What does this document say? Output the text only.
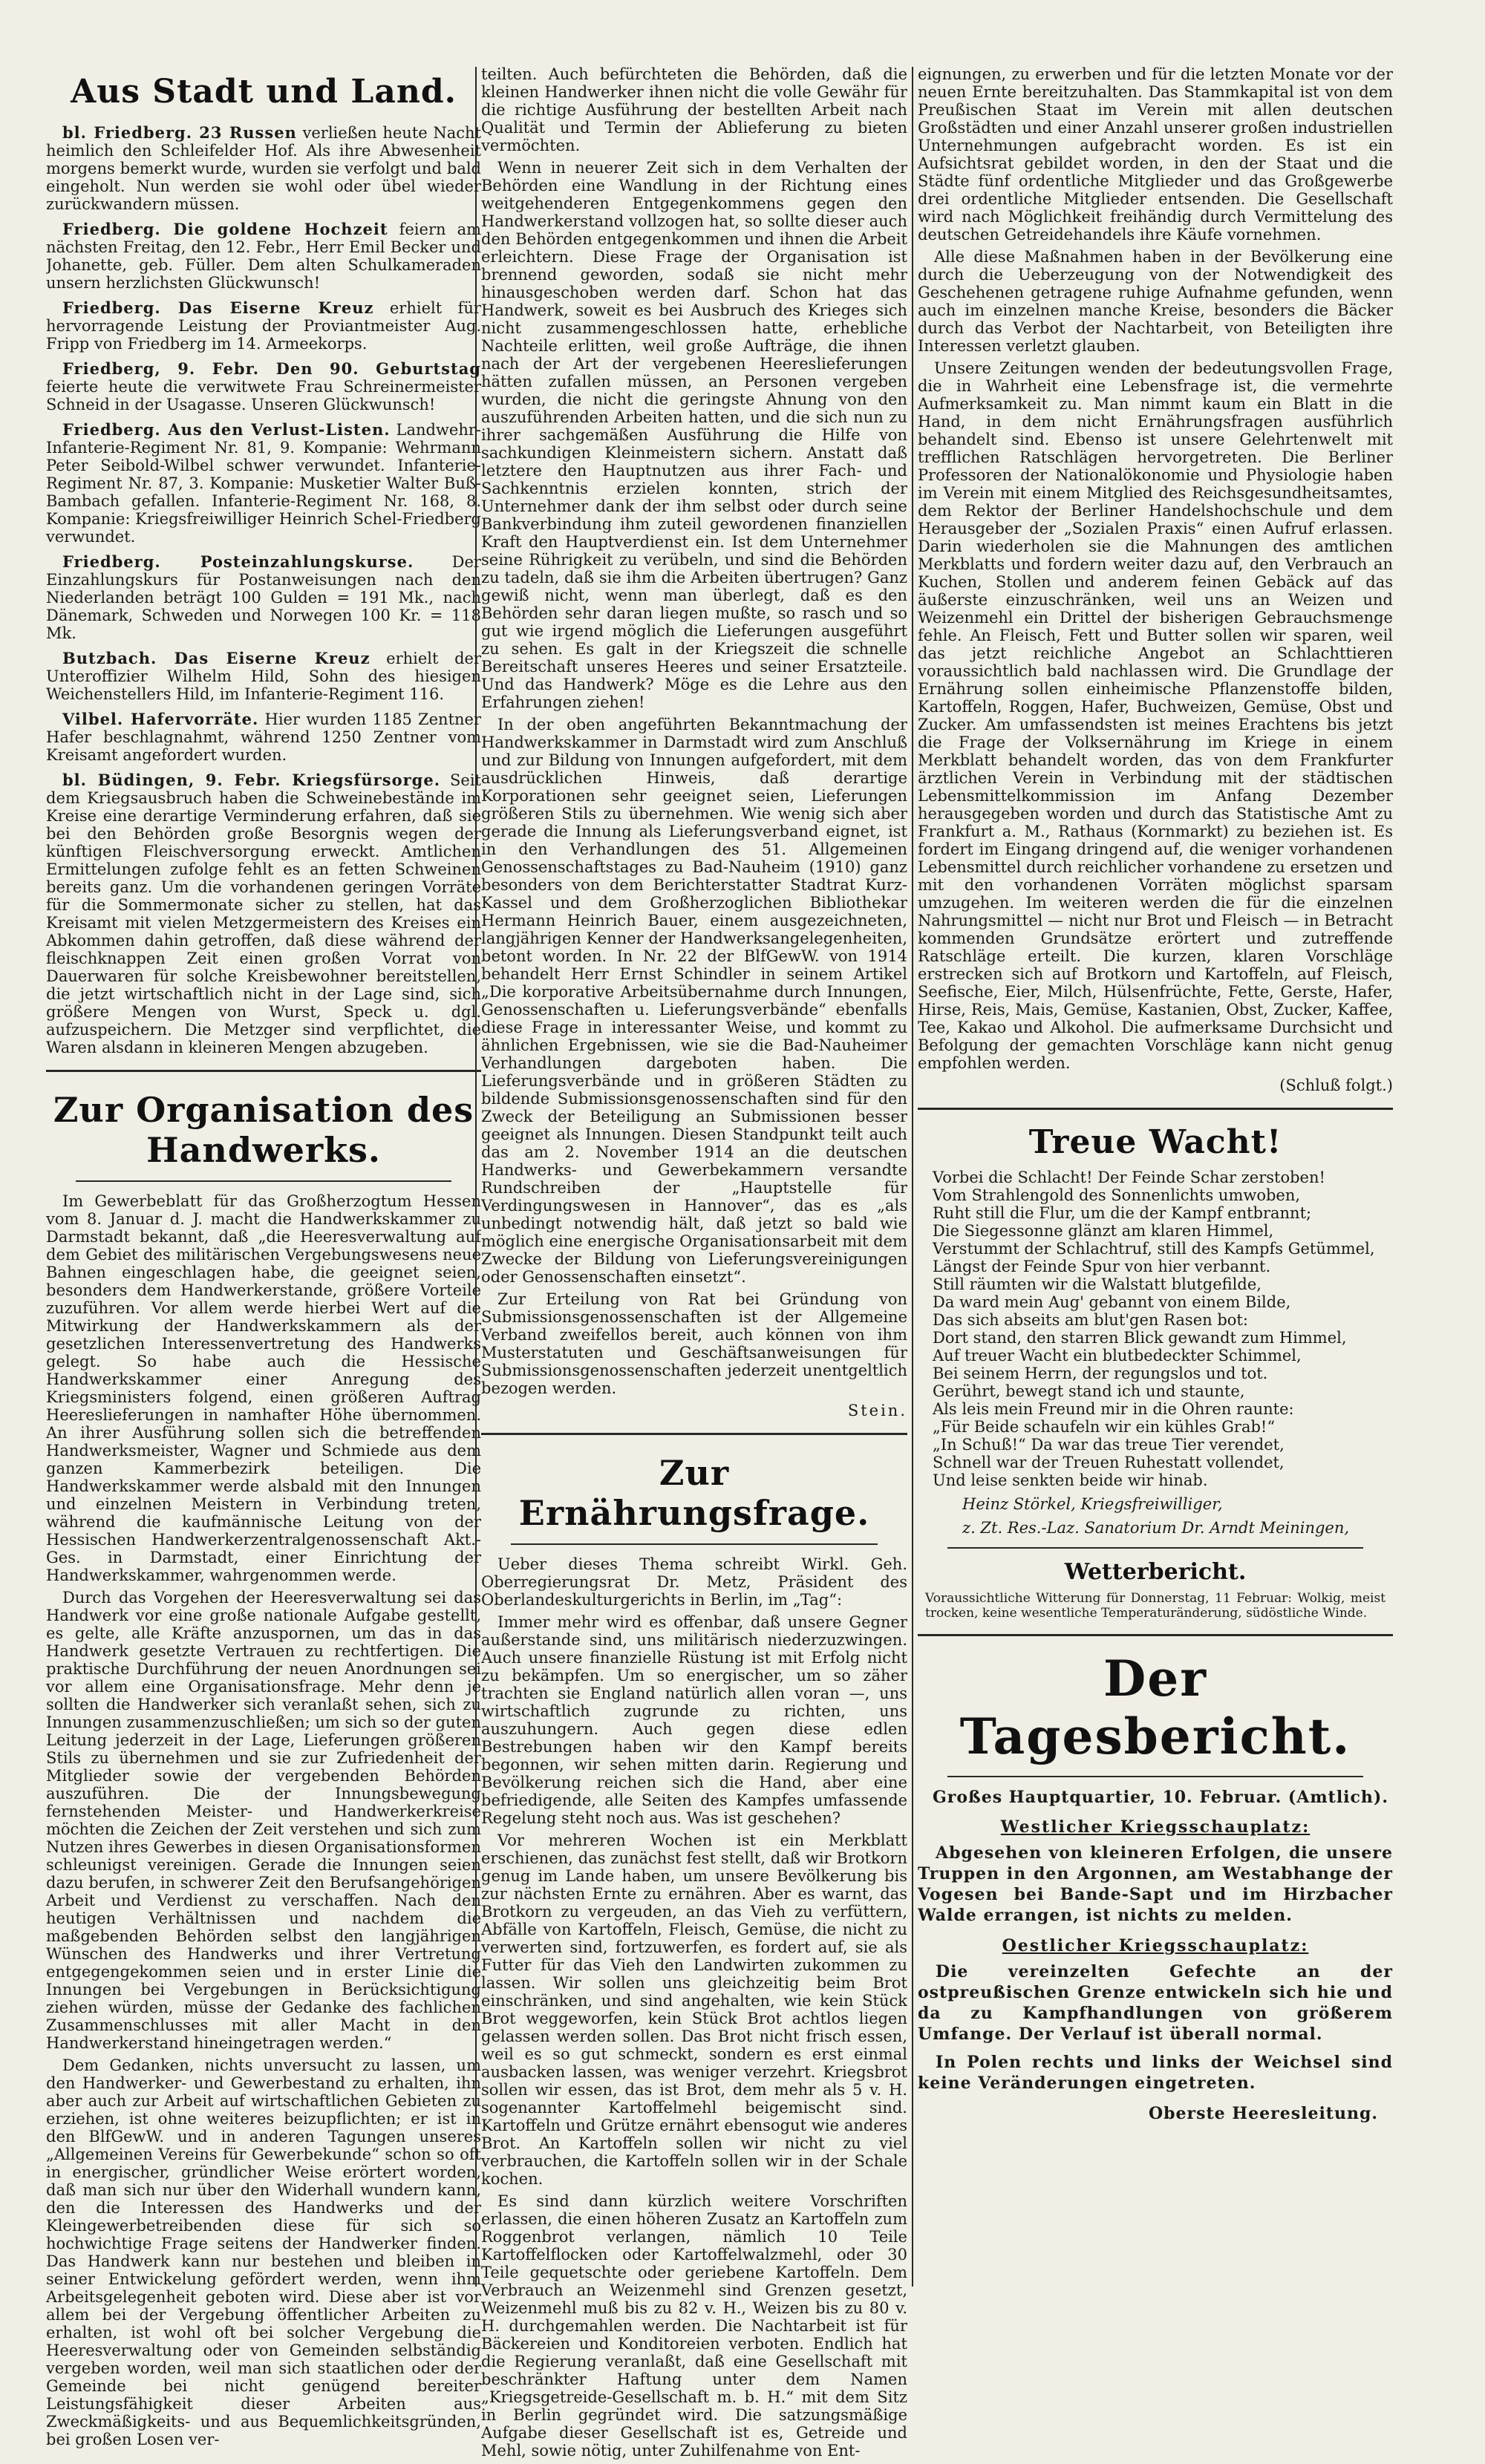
Aus Stadt und Land.

bl. Friedberg. 23 Russen verließen heute Nacht heimlich den Schleifelder Hof. Als ihre Abwesenheit morgens bemerkt wurde, wurden sie verfolgt und bald eingeholt. Nun werden sie wohl oder übel wieder zurückwandern müssen.

Friedberg. Die goldene Hochzeit feiern am nächsten Freitag, den 12. Febr., Herr Emil Becker und Johanette, geb. Füller. Dem alten Schulkameraden unsern herzlichsten Glückwunsch!

Friedberg. Das Eiserne Kreuz erhielt für hervorragende Leistung der Proviantmeister Aug. Fripp von Friedberg im 14. Armeekorps.

Friedberg, 9. Febr. Den 90. Geburtstag feierte heute die verwitwete Frau Schreinermeister Schneid in der Usagasse. Unseren Glückwunsch!

Friedberg. Aus den Verlust-Listen. Landwehr-Infanterie-Regiment Nr. 81, 9. Kompanie: Wehrmann Peter Seibold-Wilbel schwer verwundet. Infanterie-Regiment Nr. 87, 3. Kompanie: Musketier Walter Buß-Bambach gefallen. Infanterie-Regiment Nr. 168, 8. Kompanie: Kriegsfreiwilliger Heinrich Schel-Friedberg verwundet.

Friedberg. Posteinzahlungskurse. Der Einzahlungskurs für Postanweisungen nach den Niederlanden beträgt 100 Gulden = 191 Mk., nach Dänemark, Schweden und Norwegen 100 Kr. = 118 Mk.

Butzbach. Das Eiserne Kreuz erhielt der Unteroffizier Wilhelm Hild, Sohn des hiesigen Weichenstellers Hild, im Infanterie-Regiment 116.

Vilbel. Hafervorräte. Hier wurden 1185 Zentner Hafer beschlagnahmt, während 1250 Zentner vom Kreisamt angefordert wurden.

bl. Büdingen, 9. Febr. Kriegsfürsorge. Seit dem Kriegsausbruch haben die Schweinebestände im Kreise eine derartige Verminderung erfahren, daß sie bei den Behörden große Besorgnis wegen der künftigen Fleischversorgung erweckt. Amtlichen Ermittelungen zufolge fehlt es an fetten Schweinen bereits ganz. Um die vorhandenen geringen Vorräte für die Sommermonate sicher zu stellen, hat das Kreisamt mit vielen Metzgermeistern des Kreises ein Abkommen dahin getroffen, daß diese während der fleischknappen Zeit einen großen Vorrat von Dauerwaren für solche Kreisbewohner bereitstellen, die jetzt wirtschaftlich nicht in der Lage sind, sich größere Mengen von Wurst, Speck u. dgl. aufzuspeichern. Die Metzger sind verpflichtet, die Waren alsdann in kleineren Mengen abzugeben.

Zur Organisation des Handwerks.

Im Gewerbeblatt für das Großherzogtum Hessen vom 8. Januar d. J. macht die Handwerkskammer zu Darmstadt bekannt, daß „die Heeresverwaltung auf dem Gebiet des militärischen Vergebungswesens neue Bahnen eingeschlagen habe, die geeignet seien, besonders dem Handwerkerstande, größere Vorteile zuzuführen. Vor allem werde hierbei Wert auf die Mitwirkung der Handwerkskammern als der gesetzlichen Interessenvertretung des Handwerks gelegt. So habe auch die Hessische Handwerkskammer einer Anregung des Kriegsministers folgend, einen größeren Auftrag Heereslieferungen in namhafter Höhe übernommen. An ihrer Ausführung sollen sich die betreffenden Handwerksmeister, Wagner und Schmiede aus dem ganzen Kammerbezirk beteiligen. Die Handwerkskammer werde alsbald mit den Innungen und einzelnen Meistern in Verbindung treten, während die kaufmännische Leitung von der Hessischen Handwerkerzentralgenossenschaft Akt.-Ges. in Darmstadt, einer Einrichtung der Handwerkskammer, wahrgenommen werde.

Durch das Vorgehen der Heeresverwaltung sei das Handwerk vor eine große nationale Aufgabe gestellt, es gelte, alle Kräfte anzuspornen, um das in das Handwerk gesetzte Vertrauen zu rechtfertigen. Die praktische Durchführung der neuen Anordnungen sei vor allem eine Organisationsfrage. Mehr denn je sollten die Handwerker sich veranlaßt sehen, sich zu Innungen zusammenzuschließen; um sich so der guten Leitung jederzeit in der Lage, Lieferungen größeren Stils zu übernehmen und sie zur Zufriedenheit der Mitglieder sowie der vergebenden Behörden auszuführen. Die der Innungsbewegung fernstehenden Meister- und Handwerkerkreise möchten die Zeichen der Zeit verstehen und sich zum Nutzen ihres Gewerbes in diesen Organisationsformen schleunigst vereinigen. Gerade die Innungen seien dazu berufen, in schwerer Zeit den Berufsangehörigen Arbeit und Verdienst zu verschaffen. Nach den heutigen Verhältnissen und nachdem die maßgebenden Behörden selbst den langjährigen Wünschen des Handwerks und ihrer Vertretung entgegengekommen seien und in erster Linie die Innungen bei Vergebungen in Berücksichtigung ziehen würden, müsse der Gedanke des fachlichen Zusammenschlusses mit aller Macht in den Handwerkerstand hineingetragen werden.“

Dem Gedanken, nichts unversucht zu lassen, um den Handwerker- und Gewerbestand zu erhalten, ihn aber auch zur Arbeit auf wirtschaftlichen Gebieten zu erziehen, ist ohne weiteres beizupflichten; er ist in den BlfGewW. und in anderen Tagungen unseres „Allgemeinen Vereins für Gewerbekunde“ schon so oft in energischer, gründlicher Weise erörtert worden, daß man sich nur über den Widerhall wundern kann, den die Interessen des Handwerks und der Kleingewerbetreibenden diese für sich so hochwichtige Frage seitens der Handwerker finden. Das Handwerk kann nur bestehen und bleiben in seiner Entwickelung gefördert werden, wenn ihm Arbeitsgelegenheit geboten wird. Diese aber ist vor allem bei der Vergebung öffentlicher Arbeiten zu erhalten, ist wohl oft bei solcher Vergebung die Heeresverwaltung oder von Gemeinden selbständig vergeben worden, weil man sich staatlichen oder der Gemeinde bei nicht genügend bereiter Leistungsfähigkeit dieser Arbeiten aus Zweckmäßigkeits- und aus Bequemlichkeitsgründen, bei großen Losen ver-

teilten. Auch befürchteten die Behörden, daß die kleinen Handwerker ihnen nicht die volle Gewähr für die richtige Ausführung der bestellten Arbeit nach Qualität und Termin der Ablieferung zu bieten vermöchten.

Wenn in neuerer Zeit sich in dem Verhalten der Behörden eine Wandlung in der Richtung eines weitgehenderen Entgegenkommens gegen den Handwerkerstand vollzogen hat, so sollte dieser auch den Behörden entgegenkommen und ihnen die Arbeit erleichtern. Diese Frage der Organisation ist brennend geworden, sodaß sie nicht mehr hinausgeschoben werden darf. Schon hat das Handwerk, soweit es bei Ausbruch des Krieges sich nicht zusammengeschlossen hatte, erhebliche Nachteile erlitten, weil große Aufträge, die ihnen nach der Art der vergebenen Heereslieferungen hätten zufallen müssen, an Personen vergeben wurden, die nicht die geringste Ahnung von den auszuführenden Arbeiten hatten, und die sich nun zu ihrer sachgemäßen Ausführung die Hilfe von sachkundigen Kleinmeistern sichern. Anstatt daß letztere den Hauptnutzen aus ihrer Fach- und Sachkenntnis erzielen konnten, strich der Unternehmer dank der ihm selbst oder durch seine Bankverbindung ihm zuteil gewordenen finanziellen Kraft den Hauptverdienst ein. Ist dem Unternehmer seine Rührigkeit zu verübeln, und sind die Behörden zu tadeln, daß sie ihm die Arbeiten übertrugen? Ganz gewiß nicht, wenn man überlegt, daß es den Behörden sehr daran liegen mußte, so rasch und so gut wie irgend möglich die Lieferungen ausgeführt zu sehen. Es galt in der Kriegszeit die schnelle Bereitschaft unseres Heeres und seiner Ersatzteile. Und das Handwerk? Möge es die Lehre aus den Erfahrungen ziehen!

In der oben angeführten Bekanntmachung der Handwerkskammer in Darmstadt wird zum Anschluß und zur Bildung von Innungen aufgefordert, mit dem ausdrücklichen Hinweis, daß derartige Korporationen sehr geeignet seien, Lieferungen größeren Stils zu übernehmen. Wie wenig sich aber gerade die Innung als Lieferungsverband eignet, ist in den Verhandlungen des 51. Allgemeinen Genossenschaftstages zu Bad-Nauheim (1910) ganz besonders von dem Berichterstatter Stadtrat Kurz-Kassel und dem Großherzoglichen Bibliothekar Hermann Heinrich Bauer, einem ausgezeichneten, langjährigen Kenner der Handwerksangelegenheiten, betont worden. In Nr. 22 der BlfGewW. von 1914 behandelt Herr Ernst Schindler in seinem Artikel „Die korporative Arbeitsübernahme durch Innungen, Genossenschaften u. Lieferungsverbände“ ebenfalls diese Frage in interessanter Weise, und kommt zu ähnlichen Ergebnissen, wie sie die Bad-Nauheimer Verhandlungen dargeboten haben. Die Lieferungsverbände und in größeren Städten zu bildende Submissionsgenossenschaften sind für den Zweck der Beteiligung an Submissionen besser geeignet als Innungen. Diesen Standpunkt teilt auch das am 2. November 1914 an die deutschen Handwerks- und Gewerbekammern versandte Rundschreiben der „Hauptstelle für Verdingungswesen in Hannover“, das es „als unbedingt notwendig hält, daß jetzt so bald wie möglich eine energische Organisationsarbeit mit dem Zwecke der Bildung von Lieferungsvereinigungen oder Genossenschaften einsetzt“.

Zur Erteilung von Rat bei Gründung von Submissionsgenossenschaften ist der Allgemeine Verband zweifellos bereit, auch können von ihm Musterstatuten und Geschäftsanweisungen für Submissionsgenossenschaften jederzeit unentgeltlich bezogen werden.

Stein.

Zur Ernährungsfrage.

Ueber dieses Thema schreibt Wirkl. Geh. Oberregierungsrat Dr. Metz, Präsident des Oberlandeskulturgerichts in Berlin, im „Tag“:

Immer mehr wird es offenbar, daß unsere Gegner außerstande sind, uns militärisch niederzuzwingen. Auch unsere finanzielle Rüstung ist mit Erfolg nicht zu bekämpfen. Um so energischer, um so zäher trachten sie England natürlich allen voran —, uns wirtschaftlich zugrunde zu richten, uns auszuhungern. Auch gegen diese edlen Bestrebungen haben wir den Kampf bereits begonnen, wir sehen mitten darin. Regierung und Bevölkerung reichen sich die Hand, aber eine befriedigende, alle Seiten des Kampfes umfassende Regelung steht noch aus. Was ist geschehen?

Vor mehreren Wochen ist ein Merkblatt erschienen, das zunächst fest stellt, daß wir Brotkorn genug im Lande haben, um unsere Bevölkerung bis zur nächsten Ernte zu ernähren. Aber es warnt, das Brotkorn zu vergeuden, an das Vieh zu verfüttern, Abfälle von Kartoffeln, Fleisch, Gemüse, die nicht zu verwerten sind, fortzuwerfen, es fordert auf, sie als Futter für das Vieh den Landwirten zukommen zu lassen. Wir sollen uns gleichzeitig beim Brot einschränken, und sind angehalten, wie kein Stück Brot weggeworfen, kein Stück Brot achtlos liegen gelassen werden sollen. Das Brot nicht frisch essen, weil es so gut schmeckt, sondern es erst einmal ausbacken lassen, was weniger verzehrt. Kriegsbrot sollen wir essen, das ist Brot, dem mehr als 5 v. H. sogenannter Kartoffelmehl beigemischt sind. Kartoffeln und Grütze ernährt ebensogut wie anderes Brot. An Kartoffeln sollen wir nicht zu viel verbrauchen, die Kartoffeln sollen wir in der Schale kochen.

Es sind dann kürzlich weitere Vorschriften erlassen, die einen höheren Zusatz an Kartoffeln zum Roggenbrot verlangen, nämlich 10 Teile Kartoffelflocken oder Kartoffelwalzmehl, oder 30 Teile gequetschte oder geriebene Kartoffeln. Dem Verbrauch an Weizenmehl sind Grenzen gesetzt, Weizenmehl muß bis zu 82 v. H., Weizen bis zu 80 v. H. durchgemahlen werden. Die Nachtarbeit ist für Bäckereien und Konditoreien verboten. Endlich hat die Regierung veranlaßt, daß eine Gesellschaft mit beschränkter Haftung unter dem Namen „Kriegsgetreide-Gesellschaft m. b. H.“ mit dem Sitz in Berlin gegründet wird. Die satzungsmäßige Aufgabe dieser Gesellschaft ist es, Getreide und Mehl, sowie nötig, unter Zuhilfenahme von Ent-

eignungen, zu erwerben und für die letzten Monate vor der neuen Ernte bereitzuhalten. Das Stammkapital ist von dem Preußischen Staat im Verein mit allen deutschen Großstädten und einer Anzahl unserer großen industriellen Unternehmungen aufgebracht worden. Es ist ein Aufsichtsrat gebildet worden, in den der Staat und die Städte fünf ordentliche Mitglieder und das Großgewerbe drei ordentliche Mitglieder entsenden. Die Gesellschaft wird nach Möglichkeit freihändig durch Vermittelung des deutschen Getreidehandels ihre Käufe vornehmen.

Alle diese Maßnahmen haben in der Bevölkerung eine durch die Ueberzeugung von der Notwendigkeit des Geschehenen getragene ruhige Aufnahme gefunden, wenn auch im einzelnen manche Kreise, besonders die Bäcker durch das Verbot der Nachtarbeit, von Beteiligten ihre Interessen verletzt glauben.

Unsere Zeitungen wenden der bedeutungsvollen Frage, die in Wahrheit eine Lebensfrage ist, die vermehrte Aufmerksamkeit zu. Man nimmt kaum ein Blatt in die Hand, in dem nicht Ernährungsfragen ausführlich behandelt sind. Ebenso ist unsere Gelehrtenwelt mit trefflichen Ratschlägen hervorgetreten. Die Berliner Professoren der Nationalökonomie und Physiologie haben im Verein mit einem Mitglied des Reichsgesundheitsamtes, dem Rektor der Berliner Handelshochschule und dem Herausgeber der „Sozialen Praxis“ einen Aufruf erlassen. Darin wiederholen sie die Mahnungen des amtlichen Merkblatts und fordern weiter dazu auf, den Verbrauch an Kuchen, Stollen und anderem feinen Gebäck auf das äußerste einzuschränken, weil uns an Weizen und Weizenmehl ein Drittel der bisherigen Gebrauchsmenge fehle. An Fleisch, Fett und Butter sollen wir sparen, weil das jetzt reichliche Angebot an Schlachttieren voraussichtlich bald nachlassen wird. Die Grundlage der Ernährung sollen einheimische Pflanzenstoffe bilden, Kartoffeln, Roggen, Hafer, Buchweizen, Gemüse, Obst und Zucker. Am umfassendsten ist meines Erachtens bis jetzt die Frage der Volksernährung im Kriege in einem Merkblatt behandelt worden, das von dem Frankfurter ärztlichen Verein in Verbindung mit der städtischen Lebensmittelkommission im Anfang Dezember herausgegeben worden und durch das Statistische Amt zu Frankfurt a. M., Rathaus (Kornmarkt) zu beziehen ist. Es fordert im Eingang dringend auf, die weniger vorhandenen Lebensmittel durch reichlicher vorhandene zu ersetzen und mit den vorhandenen Vorräten möglichst sparsam umzugehen. Im weiteren werden die für die einzelnen Nahrungsmittel — nicht nur Brot und Fleisch — in Betracht kommenden Grundsätze erörtert und zutreffende Ratschläge erteilt. Die kurzen, klaren Vorschläge erstrecken sich auf Brotkorn und Kartoffeln, auf Fleisch, Seefische, Eier, Milch, Hülsenfrüchte, Fette, Gerste, Hafer, Hirse, Reis, Mais, Gemüse, Kastanien, Obst, Zucker, Kaffee, Tee, Kakao und Alkohol. Die aufmerksame Durchsicht und Befolgung der gemachten Vorschläge kann nicht genug empfohlen werden.

(Schluß folgt.)

Treue Wacht!
Vorbei die Schlacht! Der Feinde Schar zerstoben!
Vom Strahlengold des Sonnenlichts umwoben,
Ruht still die Flur, um die der Kampf entbrannt;
Die Siegessonne glänzt am klaren Himmel,
Verstummt der Schlachtruf, still des Kampfs Getümmel,
Längst der Feinde Spur von hier verbannt.
Still räumten wir die Walstatt blutgefilde,
Da ward mein Aug' gebannt von einem Bilde,
Das sich abseits am blut'gen Rasen bot:
Dort stand, den starren Blick gewandt zum Himmel,
Auf treuer Wacht ein blutbedeckter Schimmel,
Bei seinem Herrn, der regungslos und tot.
Gerührt, bewegt stand ich und staunte,
Als leis mein Freund mir in die Ohren raunte:
„Für Beide schaufeln wir ein kühles Grab!“
„In Schuß!“ Da war das treue Tier verendet,
Schnell war der Treuen Ruhestatt vollendet,
Und leise senkten beide wir hinab.
Heinz Störkel, Kriegsfreiwilliger,
z. Zt. Res.-Laz. Sanatorium Dr. Arndt Meiningen,
Wetterbericht.

Voraussichtliche Witterung für Donnerstag, 11 Februar: Wolkig, meist trocken, keine wesentliche Temperaturänderung, südöstliche Winde.

Der Tagesbericht.
Großes Hauptquartier, 10. Februar. (Amtlich).
Westlicher Kriegsschauplatz:

Abgesehen von kleineren Erfolgen, die unsere Truppen in den Argonnen, am Westabhange der Vogesen bei Bande-Sapt und im Hirzbacher Walde errangen, ist nichts zu melden.

Oestlicher Kriegsschauplatz:

Die vereinzelten Gefechte an der ostpreußischen Grenze entwickeln sich hie und da zu Kampfhandlungen von größerem Umfange. Der Verlauf ist überall normal.

In Polen rechts und links der Weichsel sind keine Veränderungen eingetreten.

Oberste Heeresleitung.
